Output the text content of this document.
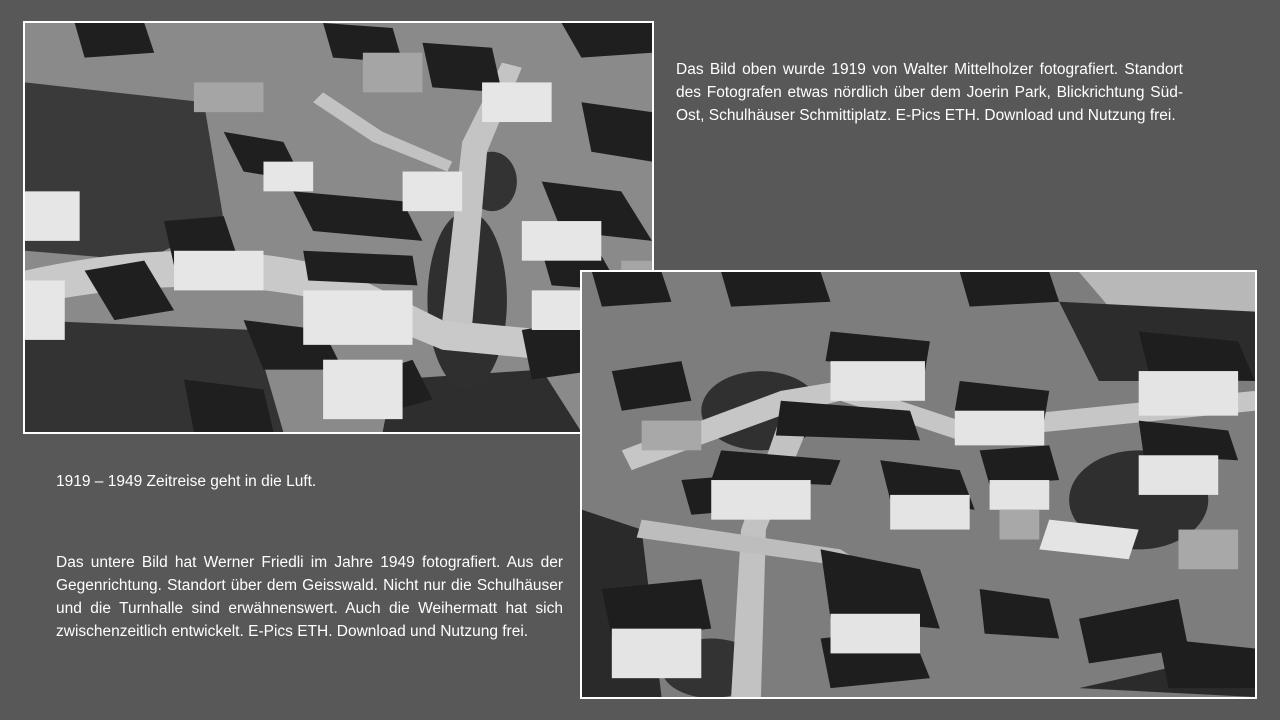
Das Bild oben wurde 1919 von Walter Mittelholzer fotografiert. Standort des Fotografen etwas nördlich über dem Joerin Park, Blickrichtung Süd-Ost, Schulhäuser Schmittiplatz. E-Pics ETH. Download und Nutzung frei.

1919 – 1949 Zeitreise geht in die Luft.

Das untere Bild hat Werner Friedli im Jahre 1949 fotografiert. Aus der Gegenrichtung. Standort über dem Geisswald. Nicht nur die Schulhäuser und die Turnhalle sind erwähnenswert. Auch die Weihermatt hat sich zwischenzeitlich entwickelt. E-Pics ETH. Download und Nutzung frei.
